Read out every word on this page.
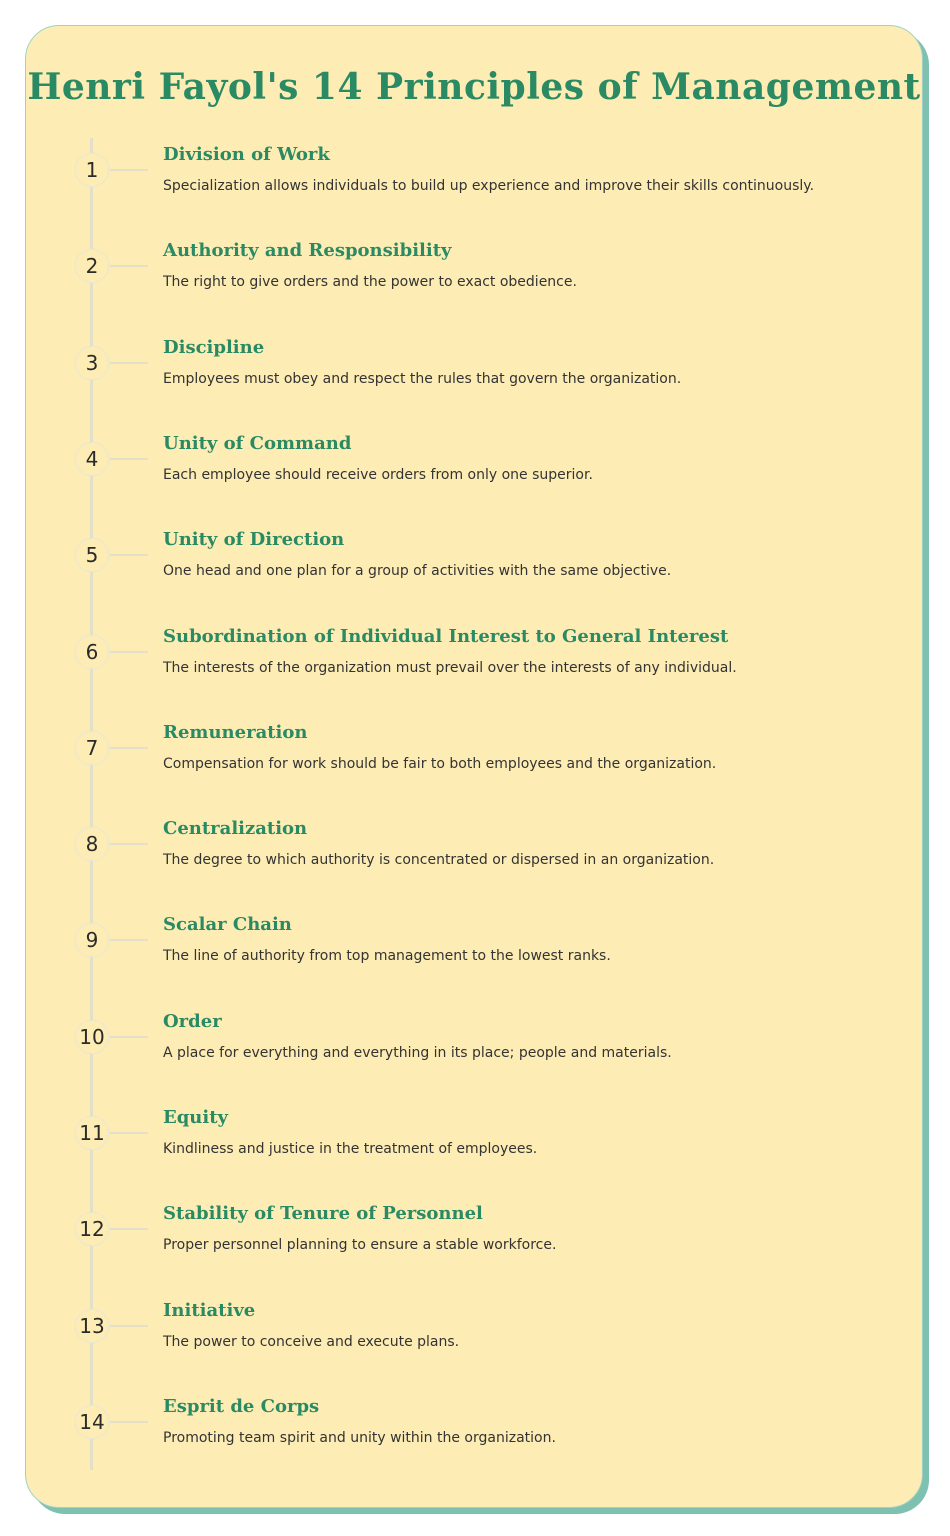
Henri Fayol's 14 Principles of Management
1
Division of Work

Specialization allows individuals to build up experience and improve their skills continuously.

2
Authority and Responsibility

The right to give orders and the power to exact obedience.

3
Discipline

Employees must obey and respect the rules that govern the organization.

4
Unity of Command

Each employee should receive orders from only one superior.

5
Unity of Direction

One head and one plan for a group of activities with the same objective.

6
Subordination of Individual Interest to General Interest

The interests of the organization must prevail over the interests of any individual.

7
Remuneration

Compensation for work should be fair to both employees and the organization.

8
Centralization

The degree to which authority is concentrated or dispersed in an organization.

9
Scalar Chain

The line of authority from top management to the lowest ranks.

10
Order

A place for everything and everything in its place; people and materials.

11
Equity

Kindliness and justice in the treatment of employees.

12
Stability of Tenure of Personnel

Proper personnel planning to ensure a stable workforce.

13
Initiative

The power to conceive and execute plans.

14
Esprit de Corps

Promoting team spirit and unity within the organization.
